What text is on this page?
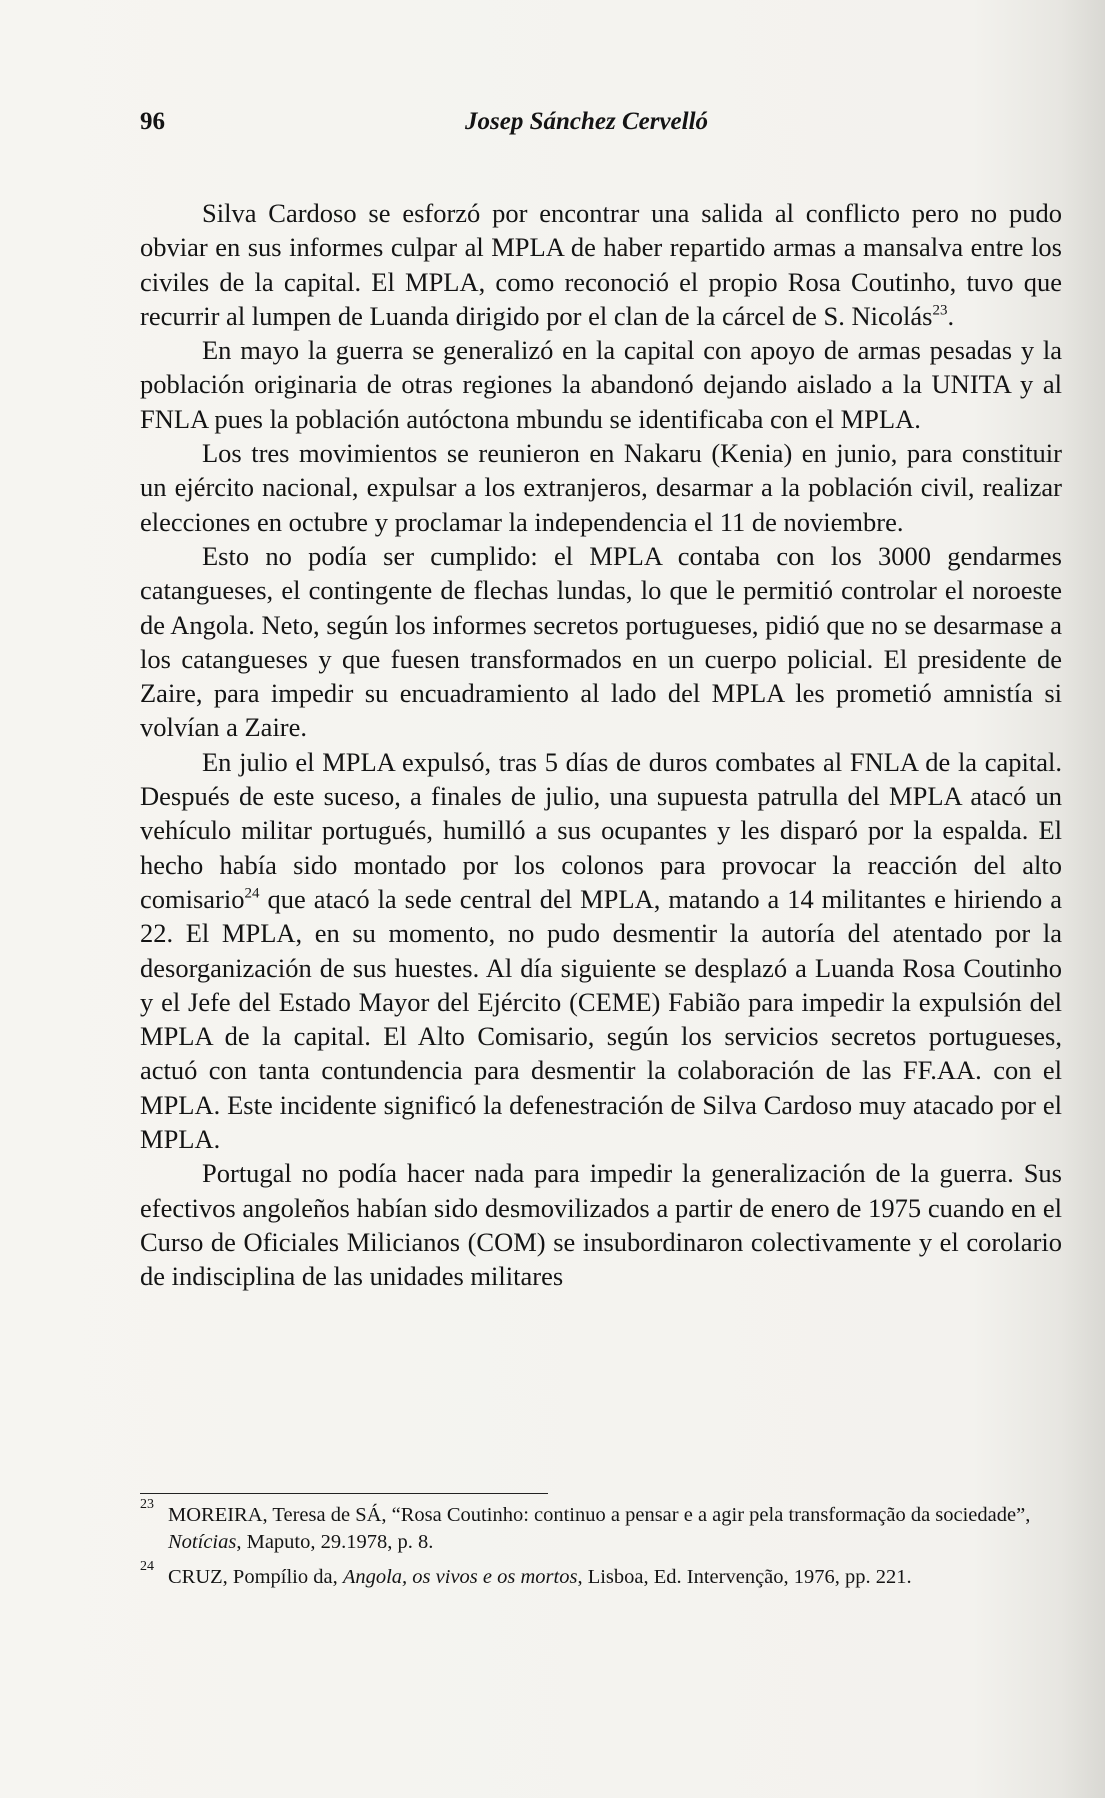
96	Josep Sánchez Cervelló

Silva Cardoso se esforzó por encontrar una salida al conflicto pero no pudo obviar en sus informes culpar al MPLA de haber repartido armas a mansalva entre los civiles de la capital. El MPLA, como reconoció el propio Rosa Coutinho, tuvo que recurrir al lumpen de Luanda dirigido por el clan de la cárcel de S. Nicolás$^{23}$.

En mayo la guerra se generalizó en la capital con apoyo de armas pesadas y la población originaria de otras regiones la abandonó dejando aislado a la UNITA y al FNLA pues la población autóctona mbundu se identificaba con el MPLA.

Los tres movimientos se reunieron en Nakaru (Kenia) en junio, para constituir un ejército nacional, expulsar a los extranjeros, desarmar a la población civil, realizar elecciones en octubre y proclamar la independencia el 11 de noviembre.

Esto no podía ser cumplido: el MPLA contaba con los 3000 gendarmes catangueses, el contingente de flechas lundas, lo que le permitió controlar el noroeste de Angola. Neto, según los informes secretos portugueses, pidió que no se desarmase a los catangueses y que fuesen transformados en un cuerpo policial. El presidente de Zaire, para impedir su encuadramiento al lado del MPLA les prometió amnistía si volvían a Zaire.

En julio el MPLA expulsó, tras 5 días de duros combates al FNLA de la capital. Después de este suceso, a finales de julio, una supuesta patrulla del MPLA atacó un vehículo militar portugués, humilló a sus ocupantes y les disparó por la espalda. El hecho había sido montado por los colonos para provocar la reacción del alto comisario$^{24}$ que atacó la sede central del MPLA, matando a 14 militantes e hiriendo a 22. El MPLA, en su momento, no pudo desmentir la autoría del atentado por la desorganización de sus huestes. Al día siguiente se desplazó a Luanda Rosa Coutinho y el Jefe del Estado Mayor del Ejército (CEME) Fabião para impedir la expulsión del MPLA de la capital. El Alto Comisario, según los servicios secretos portugueses, actuó con tanta contundencia para desmentir la colaboración de las FF.AA. con el MPLA. Este incidente significó la defenestración de Silva Cardoso muy atacado por el MPLA.

Portugal no podía hacer nada para impedir la generalización de la guerra. Sus efectivos angoleños habían sido desmovilizados a partir de enero de 1975 cuando en el Curso de Oficiales Milicianos (COM) se insubordinaron colectivamente y el corolario de indisciplina de las unidades militares

23 MOREIRA, Teresa de SÁ, “Rosa Coutinho: continuo a pensar e a agir pela transformação da sociedade”, Notícias, Maputo, 29.1978, p. 8.
24 CRUZ, Pompílio da, Angola, os vivos e os mortos, Lisboa, Ed. Intervenção, 1976, pp. 221.
